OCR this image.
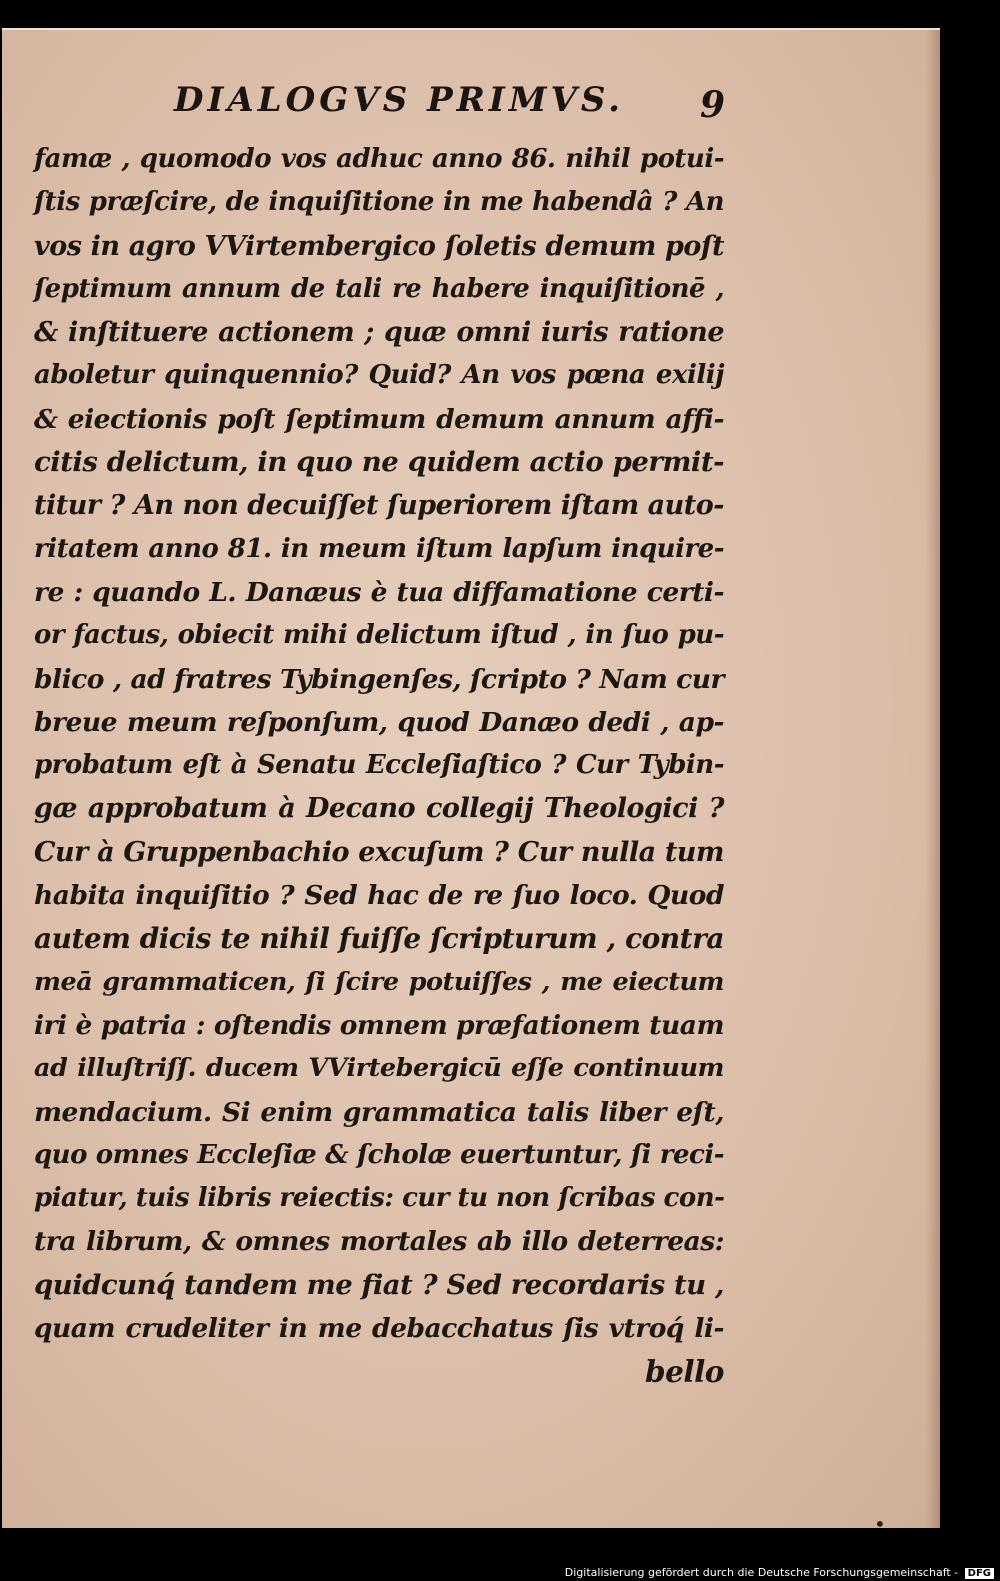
DIALOGVS PRIMVS. 9
famæ , quomodo vos adhuc anno 86. nihil potui-
ſtis præſcire, de inquiſitione in me habendâ ? An
vos in agro VVirtembergico ſoletis demum poſt
ſeptimum annum de tali re habere inquiſitionē ,
& inſtituere actionem ; quæ omni iuris ratione
aboletur quinquennio? Quid? An vos pœna exilij
& eiectionis poſt ſeptimum demum annum affi-
citis delictum, in quo ne quidem actio permit-
titur ? An non decuiſſet ſuperiorem iſtam auto-
ritatem anno 81. in meum iſtum lapſum inquire-
re : quando L. Danæus è tua diffamatione certi-
or factus, obiecit mihi delictum iſtud , in ſuo pu-
blico , ad fratres Tybingenſes, ſcripto ? Nam cur
breue meum reſponſum, quod Danæo dedi , ap-
probatum eſt à Senatu Eccleſiaſtico ? Cur Tybin-
gæ approbatum à Decano collegij Theologici ?
Cur à Gruppenbachio excuſum ? Cur nulla tum
habita inquiſitio ? Sed hac de re ſuo loco. Quod
autem dicis te nihil fuiſſe ſcripturum , contra
meā grammaticen, ſi ſcire potuiſſes , me eiectum
iri è patria : oſtendis omnem præfationem tuam
ad illuſtriſſ. ducem VVirtebergicū eſſe continuum
mendacium. Si enim grammatica talis liber eſt,
quo omnes Eccleſiæ & ſcholæ euertuntur, ſi reci-
piatur, tuis libris reiectis: cur tu non ſcribas con-
tra librum, & omnes mortales ab illo deterreas:
quidcunq́ tandem me fiat ? Sed recordaris tu ,
quam crudeliter in me debacchatus ſis vtroq́ li-
bello
•
Digitalisierung gefördert durch die Deutsche Forschungsgemeinschaft - DFG
